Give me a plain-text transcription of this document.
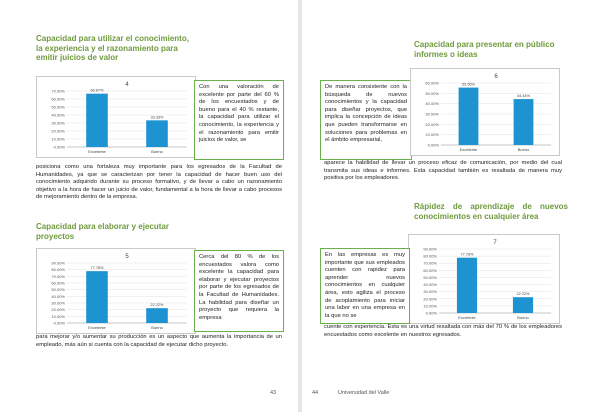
Capacidad para utilizar el conocimiento, la experiencia y el razonamiento para emitir juicios de valor
4
0.00%
10.00%
20.00%
30.00%
40.00%
50.00%
60.00%
70.00%	66.67%
Excelente
33.33%
Bueno
Con una valoración de excelente por parte del 60 % de los encuestados y de bueno para el 40 % restante, la capacidad para utilizar el conocimiento, la experiencia y el razonamiento para emitir juicios de valor, se
posiciona como una fortaleza muy importante para los egresados de la Facultad de Humanidades, ya que se caracterizan por tener la capacidad de hacer buen uso del conocimiento adquirido durante su proceso formativo, y de llevar a cabo un razonamiento objetivo a la hora de hacer un juicio de valor, fundamental a la hora de llevar a cabo procesos de mejoramiento dentro de la empresa.
Capacidad para elaborar y ejecutar proyectos
5
0.00%
10.00%
20.00%
30.00%
40.00%
50.00%
60.00%
70.00%
80.00%
90.00%
77.78%
Excelente
22.22%
Bueno
Cerca del 80 % de los encuestados valora como excelente la capacidad para elaborar y ejecutar proyectos por parte de los egresados de la Facultad de Humanidades. La habilidad para diseñar un proyecto que requiera la empresa
para mejorar y/o aumentar su producción es un aspecto que aumenta la importancia de un empleado, más aún si cuenta con la capacidad de ejecutar dicho proyecto.
43
Capacidad para presentar en público informes o ideas
De manera consistente con la búsqueda de nuevos conocimientos y la capacidad para diseñar proyectos, que implica la concepción de ideas que pueden transformarse en soluciones para problemas en el ámbito empresarial,
6
0.00%
10.00%
20.00%
30.00%
40.00%
50.00%
60.00%	55.56%
Excelente
44.44%
Bueno
aparece la habilidad de llevar un proceso eficaz de comunicación, por medio del cual transmita sus ideas e informes. Esta capacidad también es resaltada de manera muy positiva por los empleadores.
Rápidez de aprendizaje de nuevos conocimientos en cualquier área
7
0.00%
10.00%
20.00%
30.00%
40.00%
50.00%
60.00%
70.00%
80.00%
90.00%
77.78%
Excelente
22.22%
Bueno
En las empresas es muy importante que sus empleados cuenten con rapidez para aprender nuevos conocimientos en cualquier área, esto agiliza el proceso de acoplamiento para iniciar una labor en una empresa en la que no se
cuente con experiencia. Esta es una virtud resaltada con más del 70 % de los empleadores encuestados como excelente en nuestros egresados.
44	Universidad del Valle
